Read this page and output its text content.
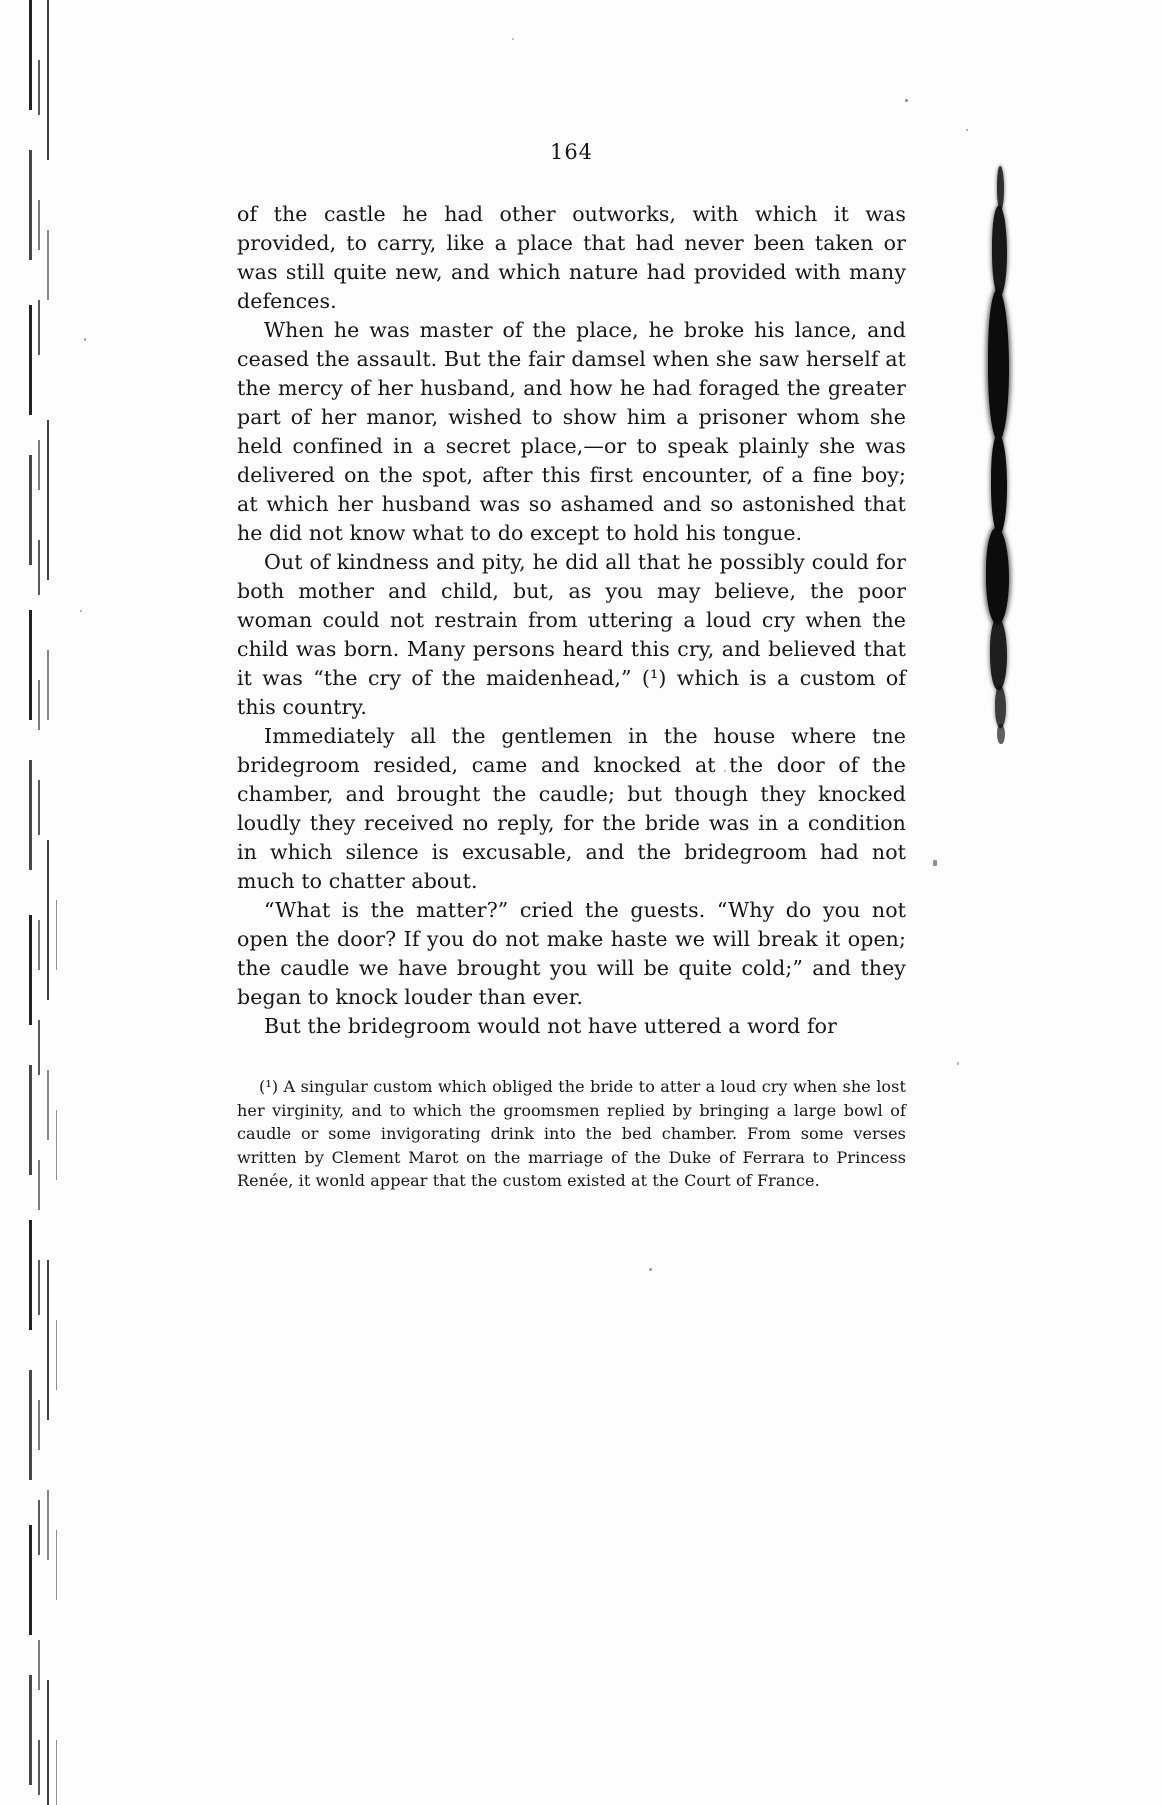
164

of the castle he had other outworks, with which it was provided, to carry, like a place that had never been taken or was still quite new, and which nature had provided with many defences.

When he was master of the place, he broke his lance, and ceased the assault. But the fair damsel when she saw herself at the mercy of her husband, and how he had foraged the greater part of her manor, wished to show him a prisoner whom she held confined in a secret place,—or to speak plainly she was delivered on the spot, after this first encounter, of a fine boy; at which her husband was so ashamed and so astonished that he did not know what to do except to hold his tongue.

Out of kindness and pity, he did all that he possibly could for both mother and child, but, as you may believe, the poor woman could not restrain from uttering a loud cry when the child was born. Many persons heard this cry, and believed that it was “the cry of the maidenhead,” (¹) which is a custom of this country.

Immediately all the gentlemen in the house where tne bridegroom resided, came and knocked at the door of the chamber, and brought the caudle; but though they knocked loudly they received no reply, for the bride was in a condition in which silence is excusable, and the bridegroom had not much to chatter about.

“What is the matter?” cried the guests. “Why do you not open the door? If you do not make haste we will break it open; the caudle we have brought you will be quite cold;” and they began to knock louder than ever.

But the bridegroom would not have uttered a word for

(¹) A singular custom which obliged the bride to atter a loud cry when she lost her virginity, and to which the groomsmen replied by bringing a large bowl of caudle or some invigorating drink into the bed chamber. From some verses written by Clement Marot on the marriage of the Duke of Ferrara to Princess Renée, it wonld appear that the custom existed at the Court of France.
